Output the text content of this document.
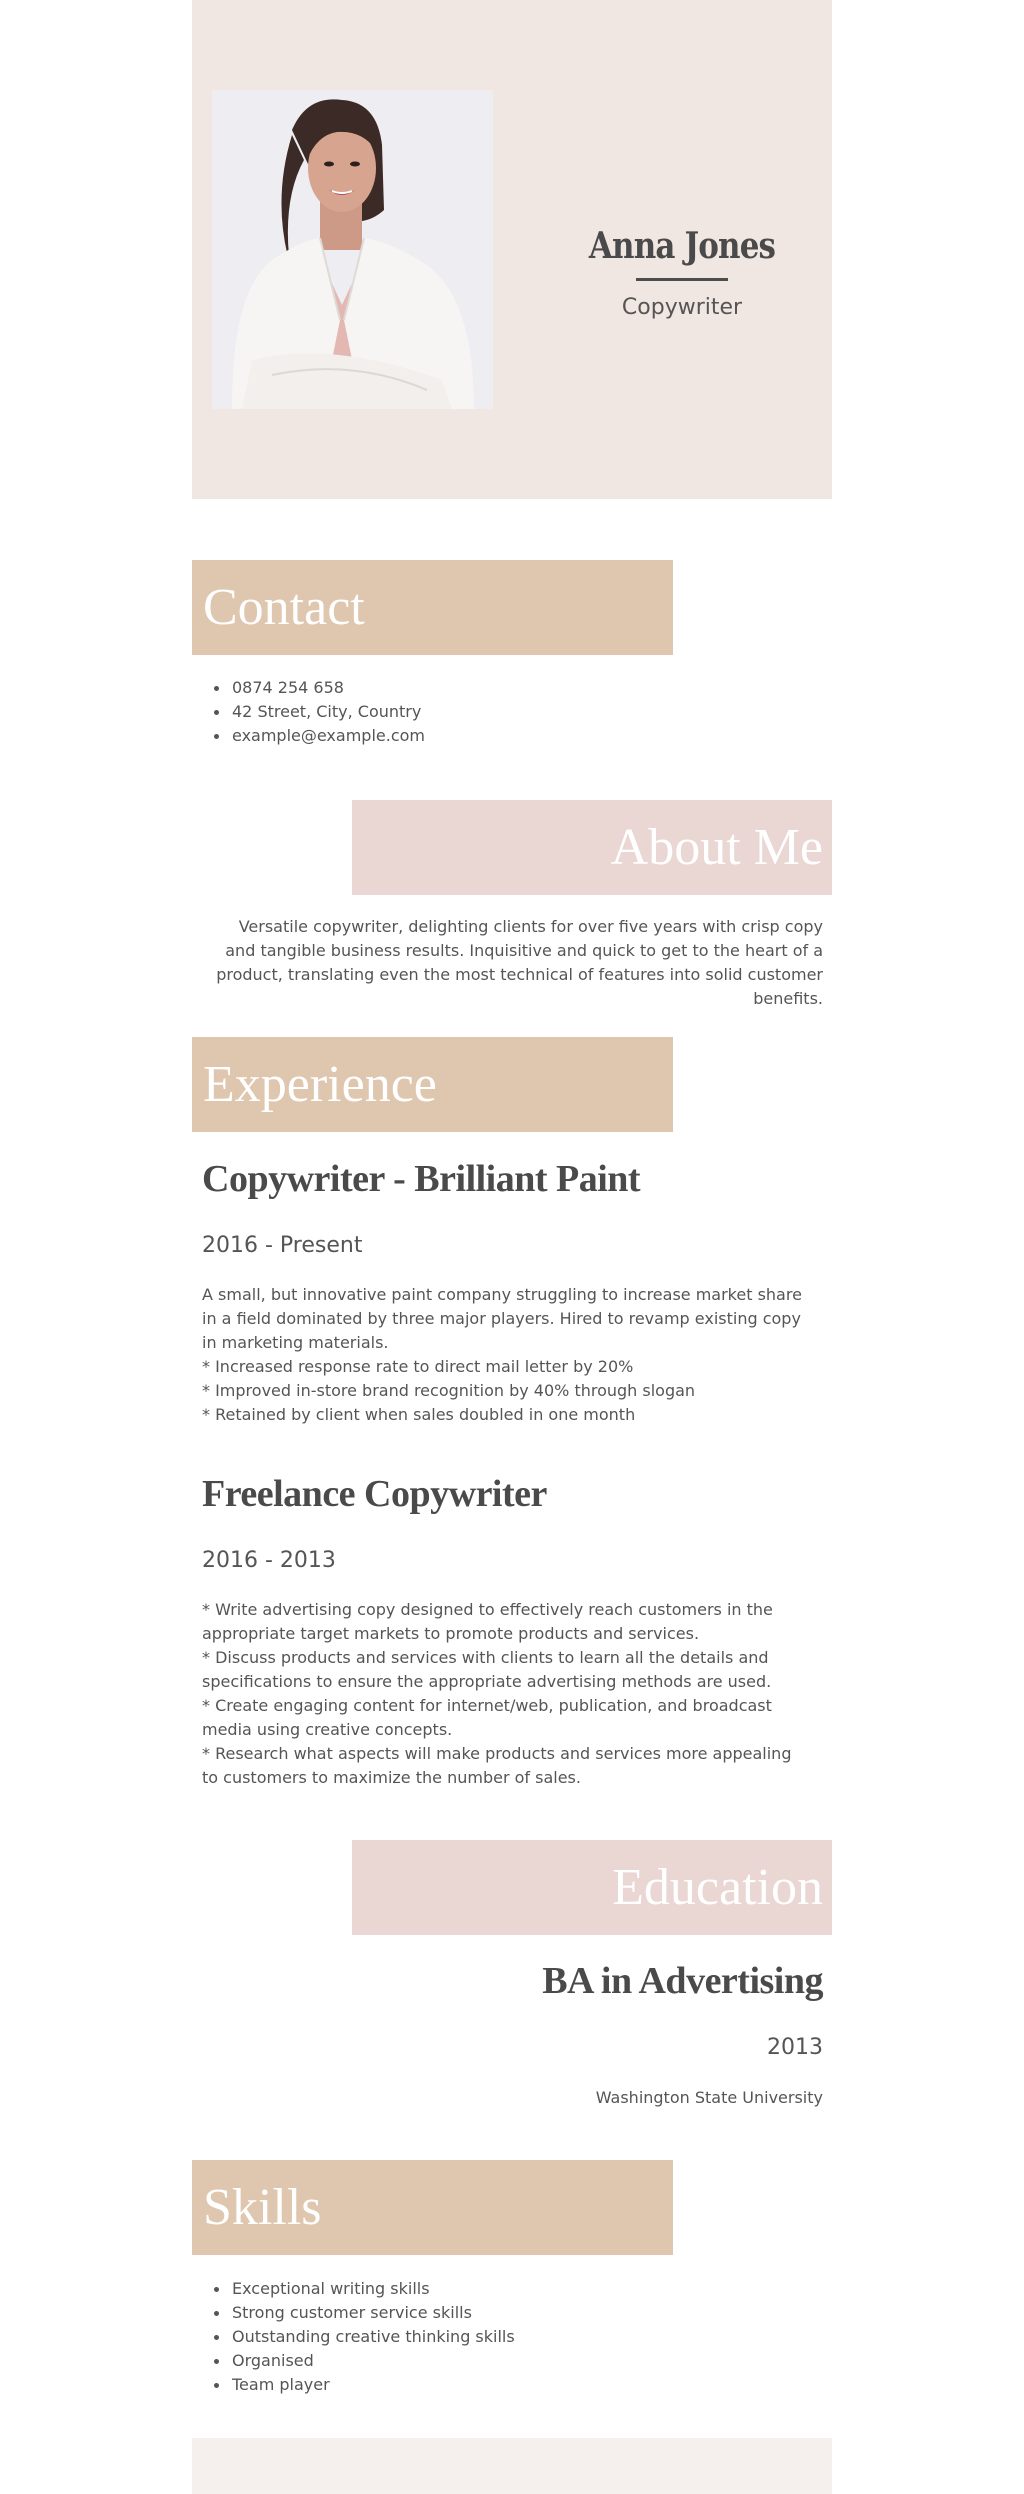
Anna Jones
Copywriter
Contact
0874 254 658
42 Street, City, Country
example@example.com
About Me

Versatile copywriter, delighting clients for over five years with crisp copy and tangible business results. Inquisitive and quick to get to the heart of a product, translating even the most technical of features into solid customer benefits.

Experience
Copywriter - Brilliant Paint
2016 - Present
A small, but innovative paint company struggling to increase market share in a field dominated by three major players. Hired to revamp existing copy in marketing materials.
* Increased response rate to direct mail letter by 20%
* Improved in-store brand recognition by 40% through slogan
* Retained by client when sales doubled in one month
Freelance Copywriter
2016 - 2013
* Write advertising copy designed to effectively reach customers in the appropriate target markets to promote products and services.
* Discuss products and services with clients to learn all the details and specifications to ensure the appropriate advertising methods are used.
* Create engaging content for internet/web, publication, and broadcast media using creative concepts.
* Research what aspects will make products and services more appealing to customers to maximize the number of sales.
Education
BA in Advertising
2013
Washington State University
Skills
Exceptional writing skills
Strong customer service skills
Outstanding creative thinking skills
Organised
Team player
